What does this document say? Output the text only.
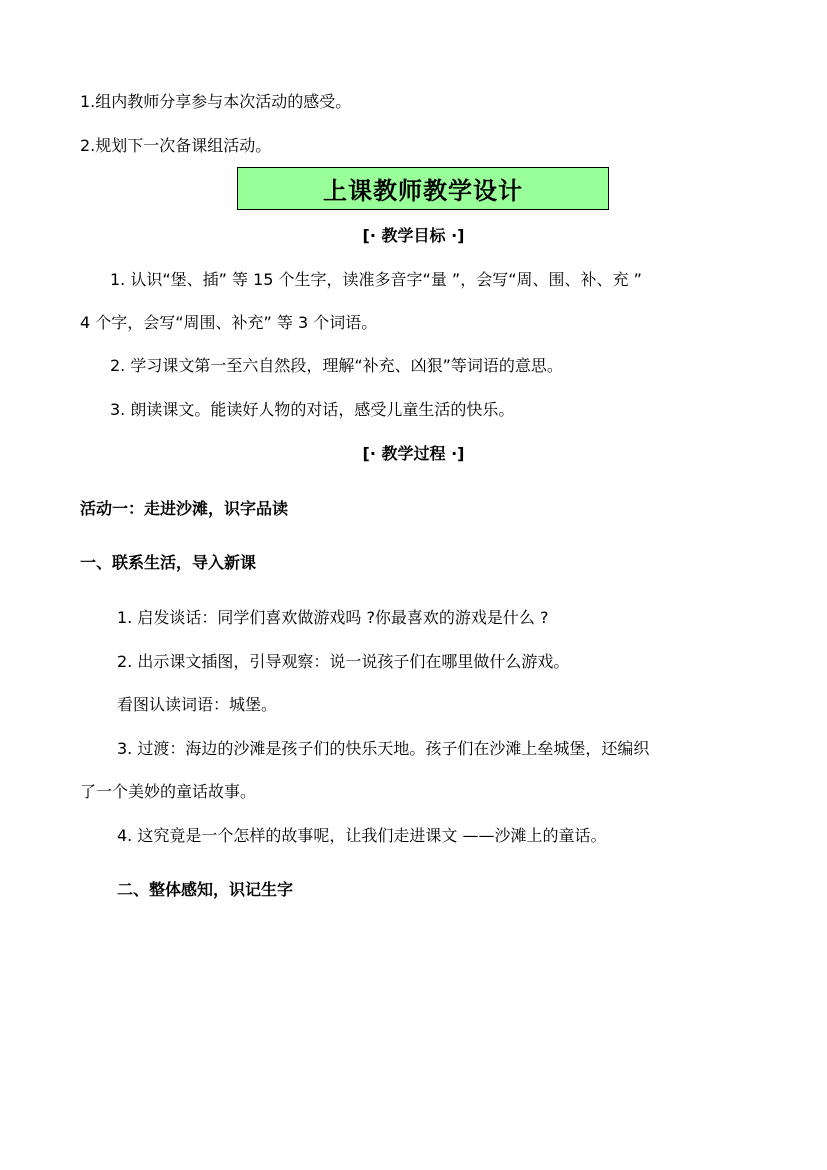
1.组内教师分享参与本次活动的感受。
2.规划下一次备课组活动。
上课教师教学设计
[· 教学目标 ·]
1. 认识“堡、插” 等 15 个生字，读准多音字“量 ”，会写“周、围、补、充 ”
4 个字，会写“周围、补充” 等 3 个词语。
2. 学习课文第一至六自然段，理解“补充、凶狠”等词语的意思。
3. 朗读课文。能读好人物的对话，感受儿童生活的快乐。
[· 教学过程 ·]
活动一：走进沙滩，识字品读
一、联系生活，导入新课
1. 启发谈话：同学们喜欢做游戏吗 ?你最喜欢的游戏是什么 ?
2. 出示课文插图，引导观察：说一说孩子们在哪里做什么游戏。
看图认读词语：城堡。
3. 过渡：海边的沙滩是孩子们的快乐天地。孩子们在沙滩上垒城堡，还编织
了一个美妙的童话故事。
4. 这究竟是一个怎样的故事呢，让我们走进课文 ——沙滩上的童话。
二、整体感知，识记生字
